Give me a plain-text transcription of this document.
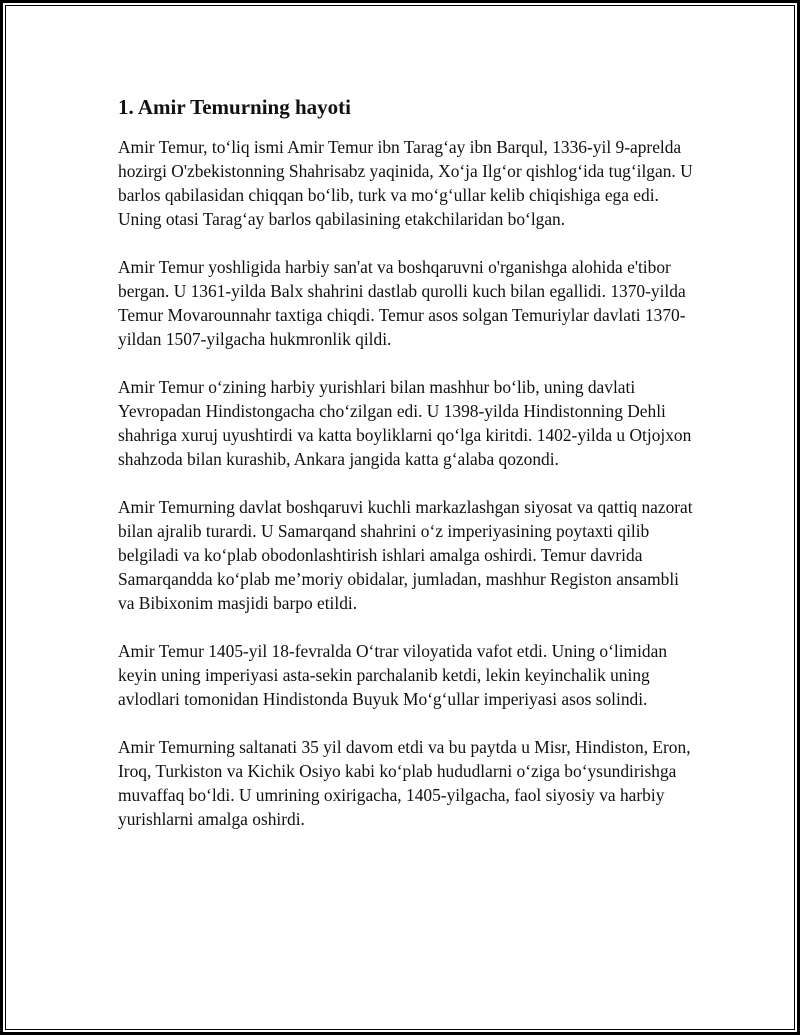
1. Amir Temurning hayoti

Amir Temur, to‘liq ismi Amir Temur ibn Tarag‘ay ibn Barqul, 1336-yil 9-aprelda hozirgi O'zbekistonning Shahrisabz yaqinida, Xo‘ja Ilg‘or qishlog‘ida tug‘ilgan. U barlos qabilasidan chiqqan bo‘lib, turk va mo‘g‘ullar kelib chiqishiga ega edi. Uning otasi Tarag‘ay barlos qabilasining etakchilaridan bo‘lgan.

Amir Temur yoshligida harbiy san'at va boshqaruvni o'rganishga alohida e'tibor bergan. U 1361-yilda Balx shahrini dastlab qurolli kuch bilan egallidi. 1370-yilda Temur Movarounnahr taxtiga chiqdi. Temur asos solgan Temuriylar davlati 1370-yildan 1507-yilgacha hukmronlik qildi.

Amir Temur o‘zining harbiy yurishlari bilan mashhur bo‘lib, uning davlati Yevropadan Hindistongacha cho‘zilgan edi. U 1398-yilda Hindistonning Dehli shahriga xuruj uyushtirdi va katta boyliklarni qo‘lga kiritdi. 1402-yilda u Otjojxon shahzoda bilan kurashib, Ankara jangida katta g‘alaba qozondi.

Amir Temurning davlat boshqaruvi kuchli markazlashgan siyosat va qattiq nazorat bilan ajralib turardi. U Samarqand shahrini o‘z imperiyasining poytaxti qilib belgiladi va ko‘plab obodonlashtirish ishlari amalga oshirdi. Temur davrida Samarqandda ko‘plab me’moriy obidalar, jumladan, mashhur Registon ansambli va Bibixonim masjidi barpo etildi.

Amir Temur 1405-yil 18-fevralda O‘trar viloyatida vafot etdi. Uning o‘limidan keyin uning imperiyasi asta-sekin parchalanib ketdi, lekin keyinchalik uning avlodlari tomonidan Hindistonda Buyuk Mo‘g‘ullar imperiyasi asos solindi.

Amir Temurning saltanati 35 yil davom etdi va bu paytda u Misr, Hindiston, Eron, Iroq, Turkiston va Kichik Osiyo kabi ko‘plab hududlarni o‘ziga bo‘ysundirishga muvaffaq bo‘ldi. U umrining oxirigacha, 1405-yilgacha, faol siyosiy va harbiy yurishlarni amalga oshirdi.
